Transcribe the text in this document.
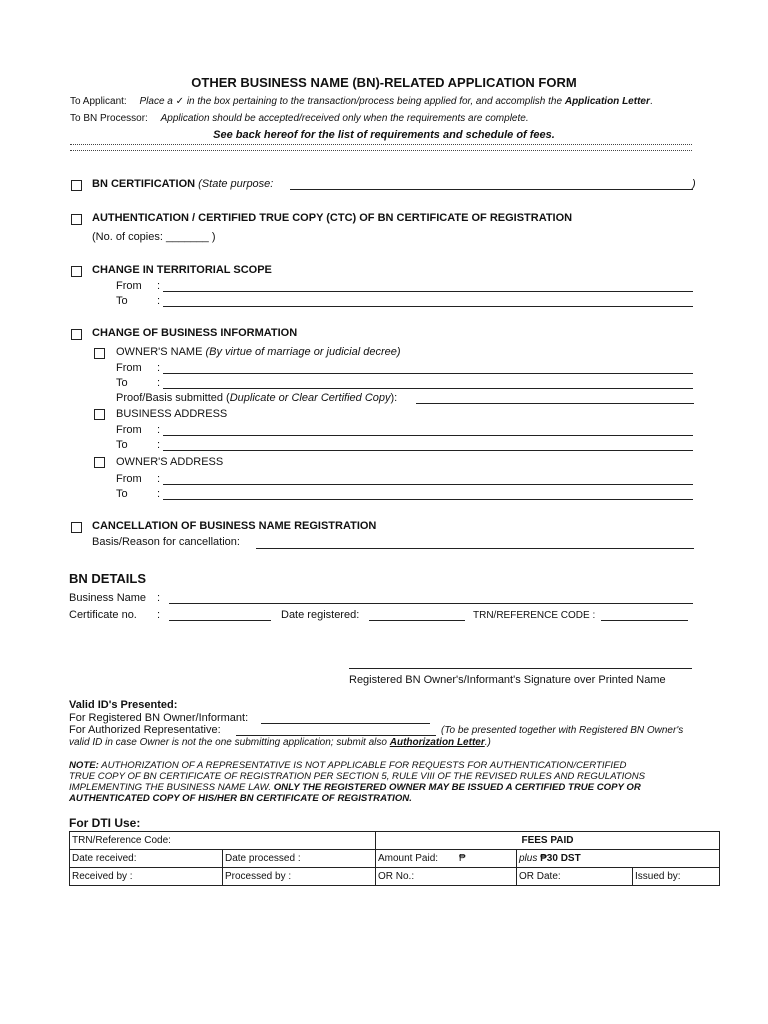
OTHER BUSINESS NAME (BN)-RELATED APPLICATION FORM
To Applicant: Place a ✓ in the box pertaining to the transaction/process being applied for, and accomplish the Application Letter.
To BN Processor: Application should be accepted/received only when the requirements are complete.
See back hereof for the list of requirements and schedule of fees.
BN CERTIFICATION (State purpose:	)
AUTHENTICATION / CERTIFIED TRUE COPY (CTC) OF BN CERTIFICATE OF REGISTRATION
(No. of copies: _______ )
CHANGE IN TERRITORIAL SCOPE
From :
To	:
CHANGE OF BUSINESS INFORMATION
OWNER'S NAME (By virtue of marriage or judicial decree)
From :
To	:
Proof/Basis submitted (Duplicate or Clear Certified Copy):
BUSINESS ADDRESS
From :
To	:
OWNER'S ADDRESS
From :
To	:
CANCELLATION OF BUSINESS NAME REGISTRATION
Basis/Reason for cancellation:
BN DETAILS
Business Name :
Certificate no. :	Date registered:	TRN/REFERENCE CODE :
Registered BN Owner's/Informant's Signature over Printed Name
Valid ID's Presented:
For Registered BN Owner/Informant:
For Authorized Representative:	(To be presented together with Registered BN Owner's
valid ID in case Owner is not the one submitting application; submit also Authorization Letter.)
NOTE: AUTHORIZATION OF A REPRESENTATIVE IS NOT APPLICABLE FOR REQUESTS FOR AUTHENTICATION/CERTIFIED
TRUE COPY OF BN CERTIFICATE OF REGISTRATION PER SECTION 5, RULE VIII OF THE REVISED RULES AND REGULATIONS
IMPLEMENTING THE BUSINESS NAME LAW. ONLY THE REGISTERED OWNER MAY BE ISSUED A CERTIFIED TRUE COPY OR
AUTHENTICATED COPY OF HIS/HER BN CERTIFICATE OF REGISTRATION.
For DTI Use:
TRN/Reference Code:		FEES PAID		
Date received:	Date processed :	Amount Paid: ₱	plus ₱30 DST	
Received by :	Processed by :	OR No.:	OR Date:	Issued by:
